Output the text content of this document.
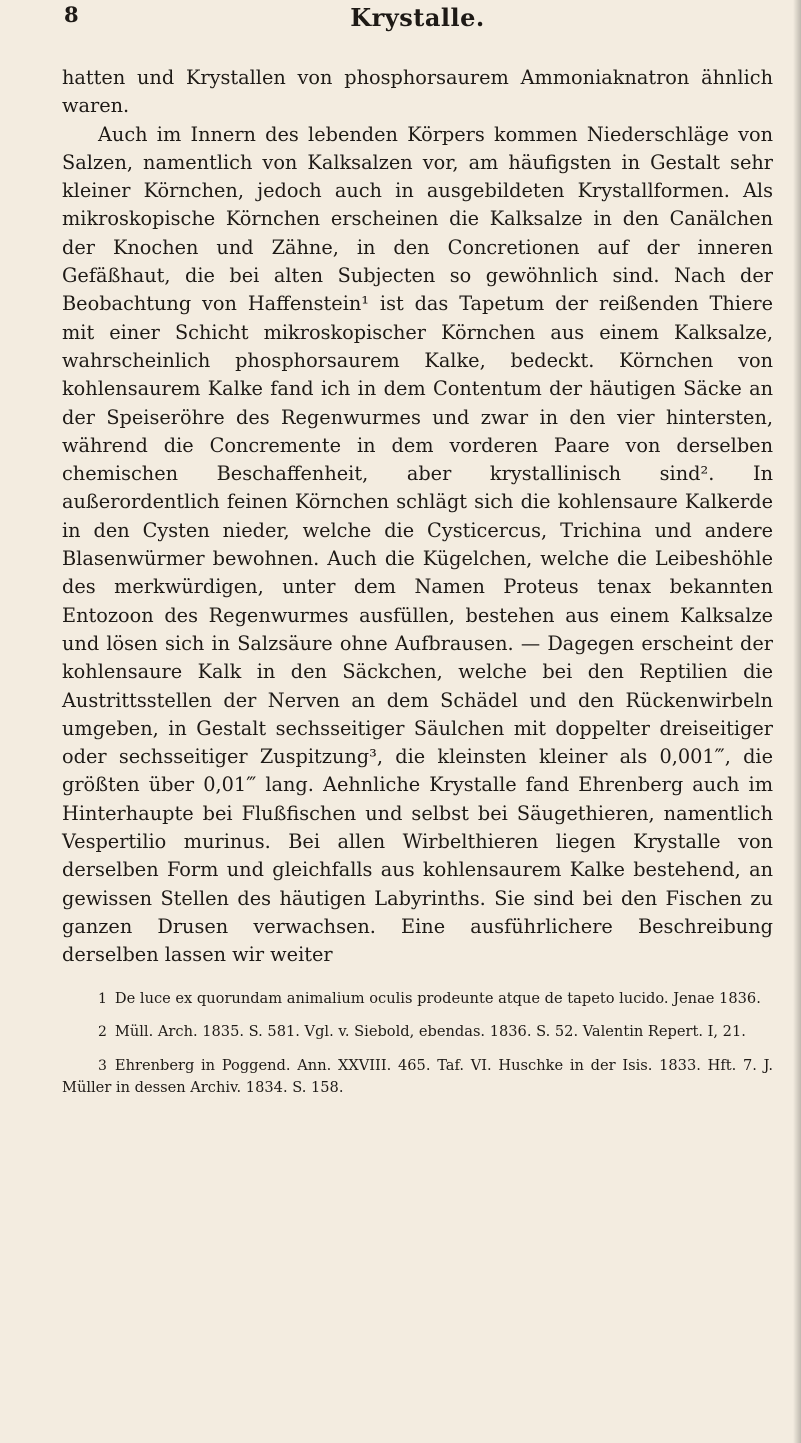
8	Krystalle.

hatten und Krystallen von phosphorsaurem Ammoniaknatron ähnlich waren.

Auch im Innern des lebenden Körpers kommen Niederschläge von Salzen, namentlich von Kalksalzen vor, am häufigsten in Gestalt sehr kleiner Körnchen, jedoch auch in ausgebildeten Krystallformen. Als mikroskopische Körnchen erscheinen die Kalksalze in den Canälchen der Knochen und Zähne, in den Concretionen auf der inneren Gefäßhaut, die bei alten Subjecten so gewöhnlich sind. Nach der Beobachtung von Haffenstein¹ ist das Tapetum der reißenden Thiere mit einer Schicht mikroskopischer Körnchen aus einem Kalksalze, wahrscheinlich phosphorsaurem Kalke, bedeckt. Körnchen von kohlensaurem Kalke fand ich in dem Contentum der häutigen Säcke an der Speiseröhre des Regenwurmes und zwar in den vier hintersten, während die Concremente in dem vorderen Paare von derselben chemischen Beschaffenheit, aber krystallinisch sind². In außerordentlich feinen Körnchen schlägt sich die kohlensaure Kalkerde in den Cysten nieder, welche die Cysticercus, Trichina und andere Blasenwürmer bewohnen. Auch die Kügelchen, welche die Leibeshöhle des merkwürdigen, unter dem Namen Proteus tenax bekannten Entozoon des Regenwurmes ausfüllen, bestehen aus einem Kalksalze und lösen sich in Salzsäure ohne Aufbrausen. — Dagegen erscheint der kohlensaure Kalk in den Säckchen, welche bei den Reptilien die Austrittsstellen der Nerven an dem Schädel und den Rückenwirbeln umgeben, in Gestalt sechsseitiger Säulchen mit doppelter dreiseitiger oder sechsseitiger Zuspitzung³, die kleinsten kleiner als 0,001‴, die größten über 0,01‴ lang. Aehnliche Krystalle fand Ehrenberg auch im Hinterhaupte bei Flußfischen und selbst bei Säugethieren, namentlich Vespertilio murinus. Bei allen Wirbelthieren liegen Krystalle von derselben Form und gleichfalls aus kohlensaurem Kalke bestehend, an gewissen Stellen des häutigen Labyrinths. Sie sind bei den Fischen zu ganzen Drusen verwachsen. Eine ausführlichere Beschreibung derselben lassen wir weiter

1 De luce ex quorundam animalium oculis prodeunte atque de tapeto lucido. Jenae 1836.
2 Müll. Arch. 1835. S. 581. Vgl. v. Siebold, ebendas. 1836. S. 52. Valentin Repert. I, 21.
3 Ehrenberg in Poggend. Ann. XXVIII. 465. Taf. VI. Huschke in der Isis. 1833. Hft. 7. J. Müller in dessen Archiv. 1834. S. 158.
